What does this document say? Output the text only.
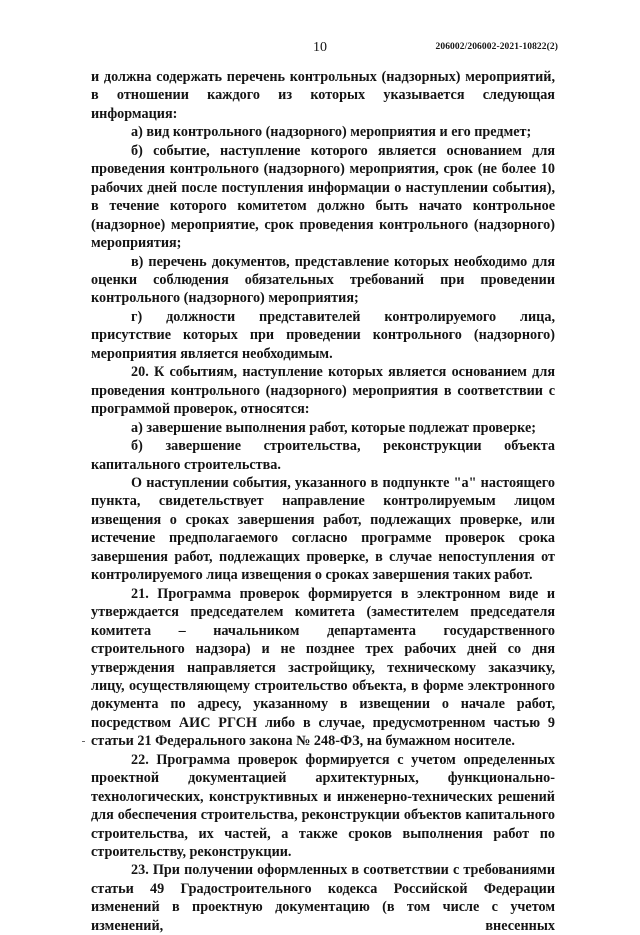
10	206002/206002-2021-10822(2)

и должна содержать перечень контрольных (надзорных) мероприятий, в отношении каждого из которых указывается следующая информация:

а) вид контрольного (надзорного) мероприятия и его предмет;

б) событие, наступление которого является основанием для проведения контрольного (надзорного) мероприятия, срок (не более 10 рабочих дней после поступления информации о наступлении события), в течение которого комитетом должно быть начато контрольное (надзорное) мероприятие, срок проведения контрольного (надзорного) мероприятия;

в) перечень документов, представление которых необходимо для оценки соблюдения обязательных требований при проведении контрольного (надзорного) мероприятия;

г) должности представителей контролируемого лица, присутствие которых при проведении контрольного (надзорного) мероприятия является необходимым.

20. К событиям, наступление которых является основанием для проведения контрольного (надзорного) мероприятия в соответствии с программой проверок, относятся:

а) завершение выполнения работ, которые подлежат проверке;

б) завершение строительства, реконструкции объекта капитального строительства.

О наступлении события, указанного в подпункте "а" настоящего пункта, свидетельствует направление контролируемым лицом извещения о сроках завершения работ, подлежащих проверке, или истечение предполагаемого согласно программе проверок срока завершения работ, подлежащих проверке, в случае непоступления от контролируемого лица извещения о сроках завершения таких работ.

21. Программа проверок формируется в электронном виде и утверждается председателем комитета (заместителем председателя комитета – начальником департамента государственного строительного надзора) и не позднее трех рабочих дней со дня утверждения направляется застройщику, техническому заказчику, лицу, осуществляющему строительство объекта, в форме электронного документа по адресу, указанному в извещении о начале работ, посредством АИС РГСН либо в случае, предусмотренном частью 9 статьи 21 Федерального закона № 248-ФЗ, на бумажном носителе.

22. Программа проверок формируется с учетом определенных проектной документацией архитектурных, функционально-технологических, конструктивных и инженерно-технических решений для обеспечения строительства, реконструкции объектов капитального строительства, их частей, а также сроков выполнения работ по строительству, реконструкции.

23. При получении оформленных в соответствии с требованиями статьи 49 Градостроительного кодекса Российской Федерации изменений в проектную документацию (в том числе с учетом изменений, внесенных
